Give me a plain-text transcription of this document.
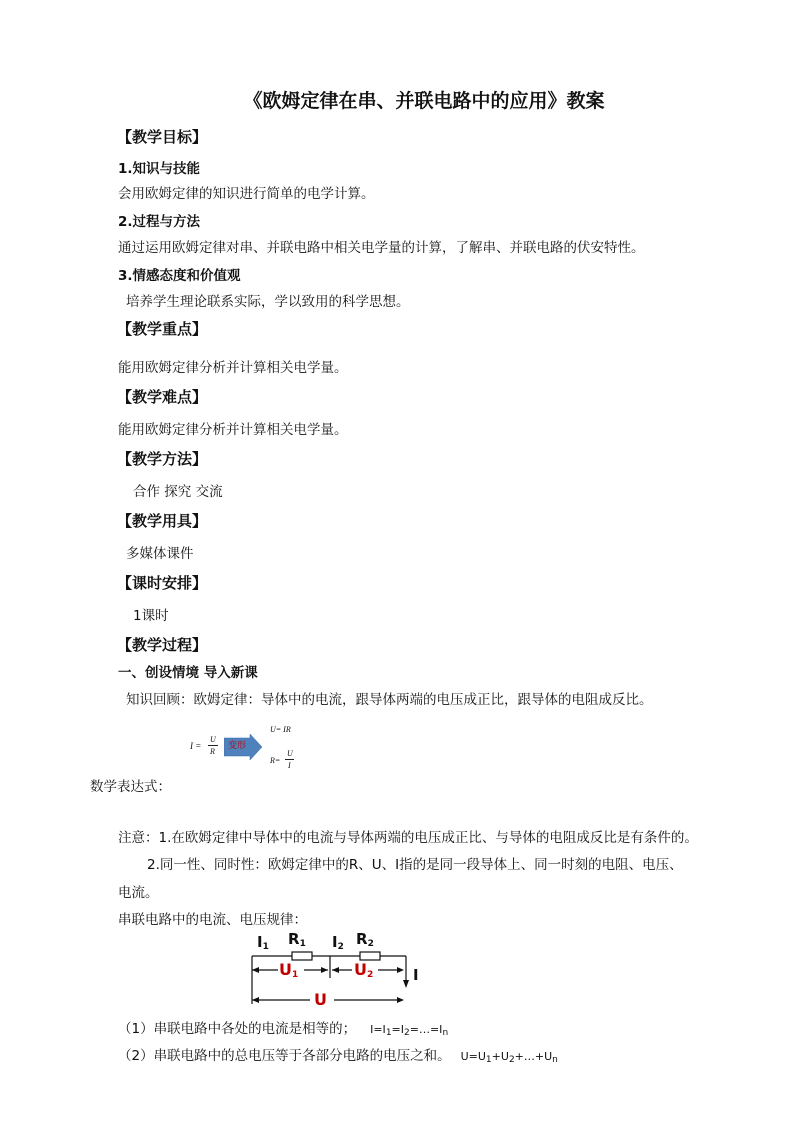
《欧姆定律在串、并联电路中的应用》教案
【教学目标】
1.知识与技能
会用欧姆定律的知识进行简单的电学计算。
2.过程与方法
通过运用欧姆定律对串、并联电路中相关电学量的计算，了解串、并联电路的伏安特性。
3.情感态度和价值观
培养学生理论联系实际，学以致用的科学思想。
【教学重点】
能用欧姆定律分析并计算相关电学量。
【教学难点】
能用欧姆定律分析并计算相关电学量。
【教学方法】
合作 探究 交流
【教学用具】
多媒体课件
【课时安排】
1课时
【教学过程】
一、创设情境 导入新课
知识回顾：欧姆定律：导体中的电流，跟导体两端的电压成正比，跟导体的电阻成反比。
I =
U
R
变形
U= IR
R=
U
I
数学表达式：
注意：1.在欧姆定律中导体中的电流与导体两端的电压成正比、与导体的电阻成反比是有条件的。
2.同一性、同时性：欧姆定律中的R、U、I指的是同一段导体上、同一时刻的电阻、电压、
电流。
串联电路中的电流、电压规律：
$I_1$ $R_1$ $I_2$ $R_2$
$U_1$	$U_2$
U
I
（1）串联电路中各处的电流是相等的； $I=I_1=I_2=\dots=I_n$
（2）串联电路中的总电压等于各部分电路的电压之和。 $U=U_1+U_2+\dots+U_n$
